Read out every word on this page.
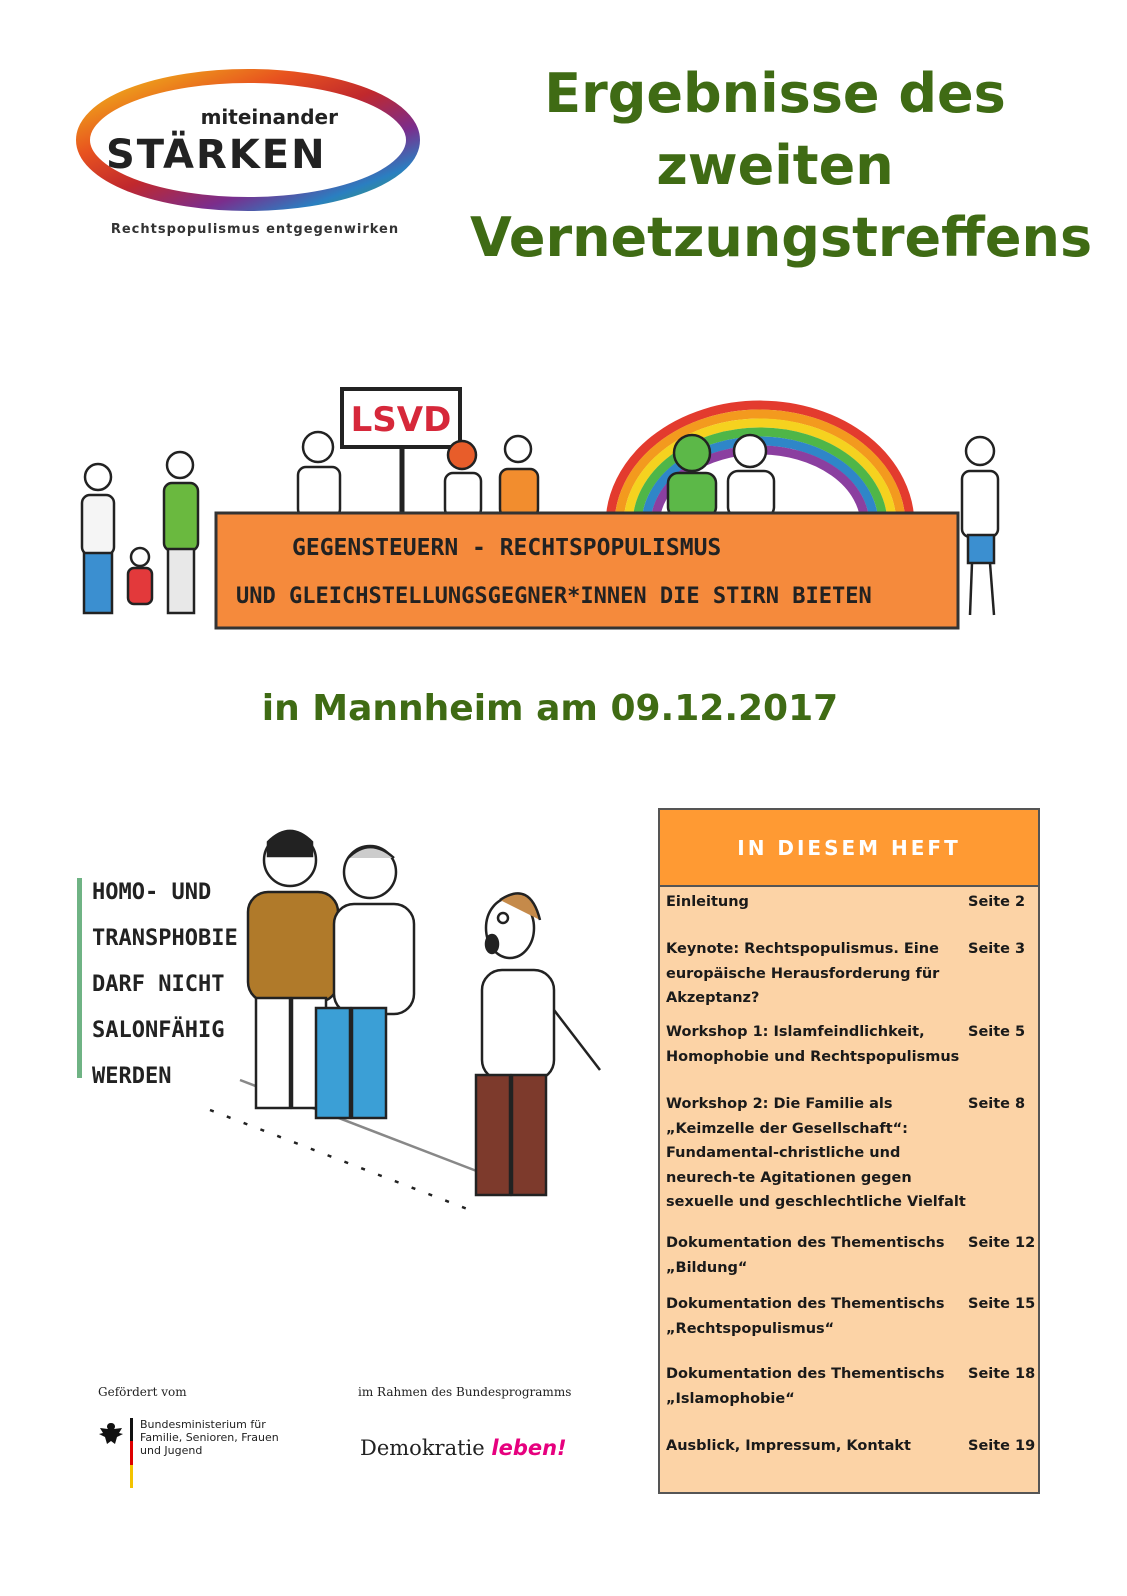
miteinander
STÄRKEN
Rechtspopulismus entgegenwirken
Ergebnisse des
zweiten
Vernetzungstreffens
LSVD
GEGENSTEUERN - RECHTSPOPULISMUS
UND GLEICHSTELLUNGSGEGNER*INNEN DIE STIRN BIETEN
in Mannheim am 09.12.2017
HOMO- UND
TRANSPHOBIE
DARF NICHT
SALONFÄHIG
WERDEN
IN DIESEM HEFT
Einleitung	Seite 2
Keynote: Rechtspopulismus. Eine europäische Herausforderung für Akzeptanz?
Seite 3
Workshop 1: Islamfeindlichkeit, Homophobie und Rechtspopulismus
Seite 5
Workshop 2: Die Familie als „Keimzelle der Gesellschaft“: Fundamental-christliche und neurech-te Agitationen gegen sexuelle und geschlechtliche Vielfalt
Seite 8
Dokumentation des Thementischs „Bildung“
Seite 12
Dokumentation des Thementischs „Rechtspopulismus“
Seite 15
Dokumentation des Thementischs „Islamophobie“
Seite 18
Ausblick, Impressum, Kontakt	Seite 19
Gefördert vom
Bundesministerium für Familie, Senioren, Frauen und Jugend
im Rahmen des Bundesprogramms
Demokratie leben!
